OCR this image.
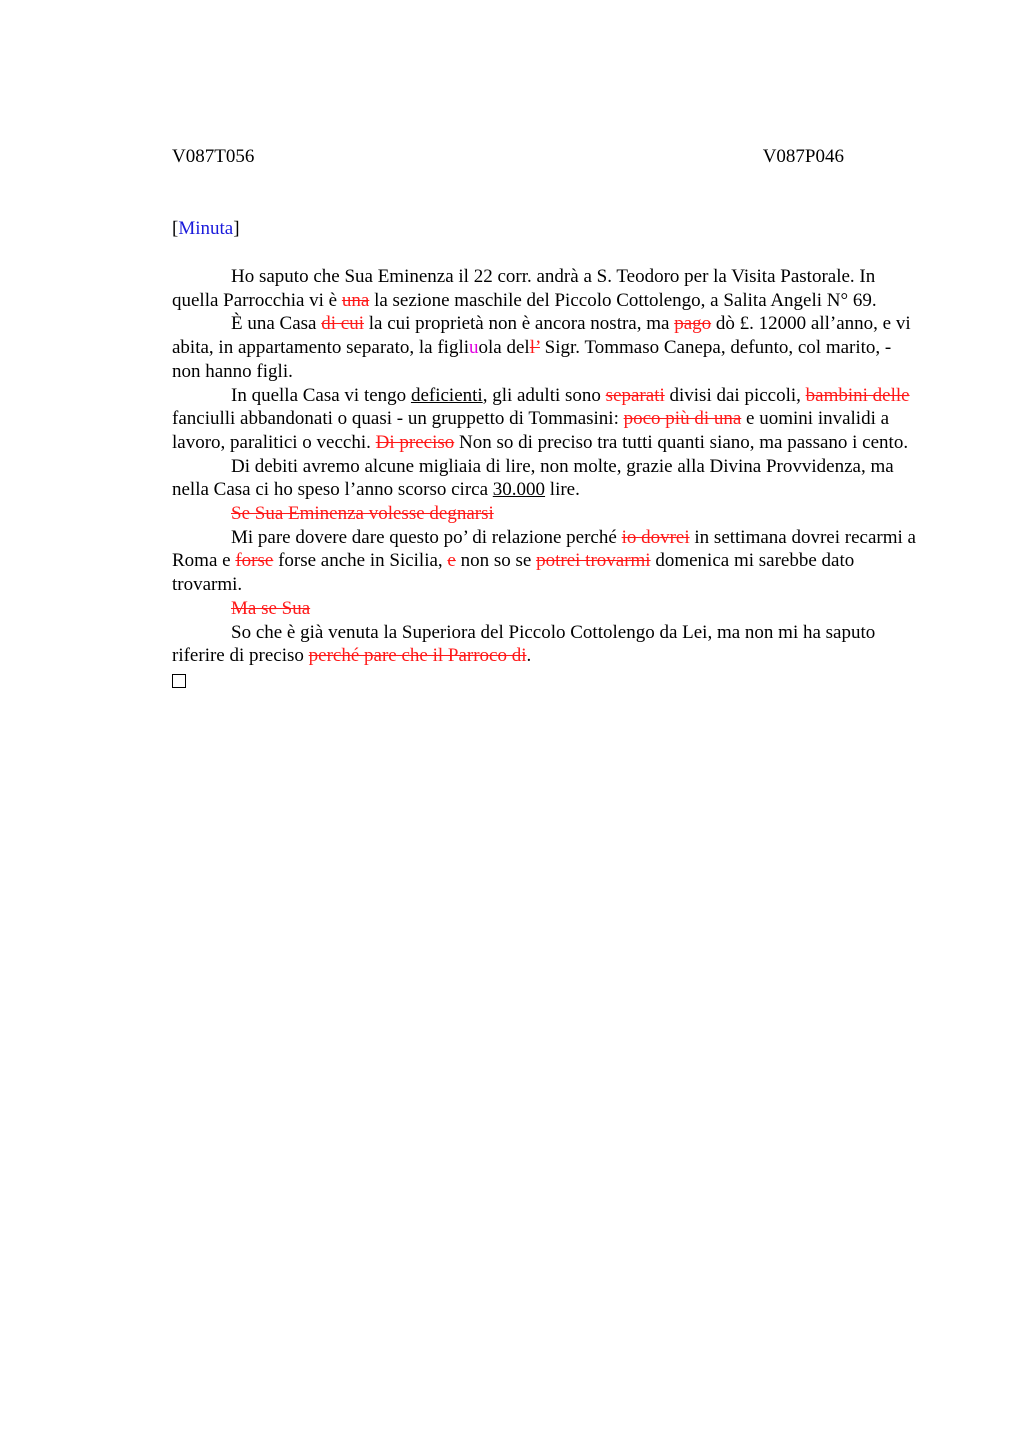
V087T056	V087P046
[Minuta]

Ho saputo che Sua Eminenza il 22 corr. andrà a S. Teodoro per la Visita Pastorale. In quella Parrocchia vi è una la sezione maschile del Piccolo Cottolengo, a Salita Angeli N° 69.

È una Casa di cui la cui proprietà non è ancora nostra, ma pago dò £. 12000 all’anno, e vi abita, in appartamento separato, la figliuola dell’ Sigr. Tommaso Canepa, defunto, col marito, - non hanno figli.

In quella Casa vi tengo deficienti, gli adulti sono separati divisi dai piccoli, bambini delle fanciulli abbandonati o quasi - un gruppetto di Tommasini: poco più di una e uomini invalidi a lavoro, paralitici o vecchi. Di preciso Non so di preciso tra tutti quanti siano, ma passano i cento.

Di debiti avremo alcune migliaia di lire, non molte, grazie alla Divina Provvidenza, ma nella Casa ci ho speso l’anno scorso circa 30.000 lire.

Se Sua Eminenza volesse degnarsi

Mi pare dovere dare questo po’ di relazione perché io dovrei in settimana dovrei recarmi a Roma e forse forse anche in Sicilia, e non so se potrei trovarmi domenica mi sarebbe dato trovarmi.

Ma se Sua

So che è già venuta la Superiora del Piccolo Cottolengo da Lei, ma non mi ha saputo riferire di preciso perché pare che il Parroco di.
